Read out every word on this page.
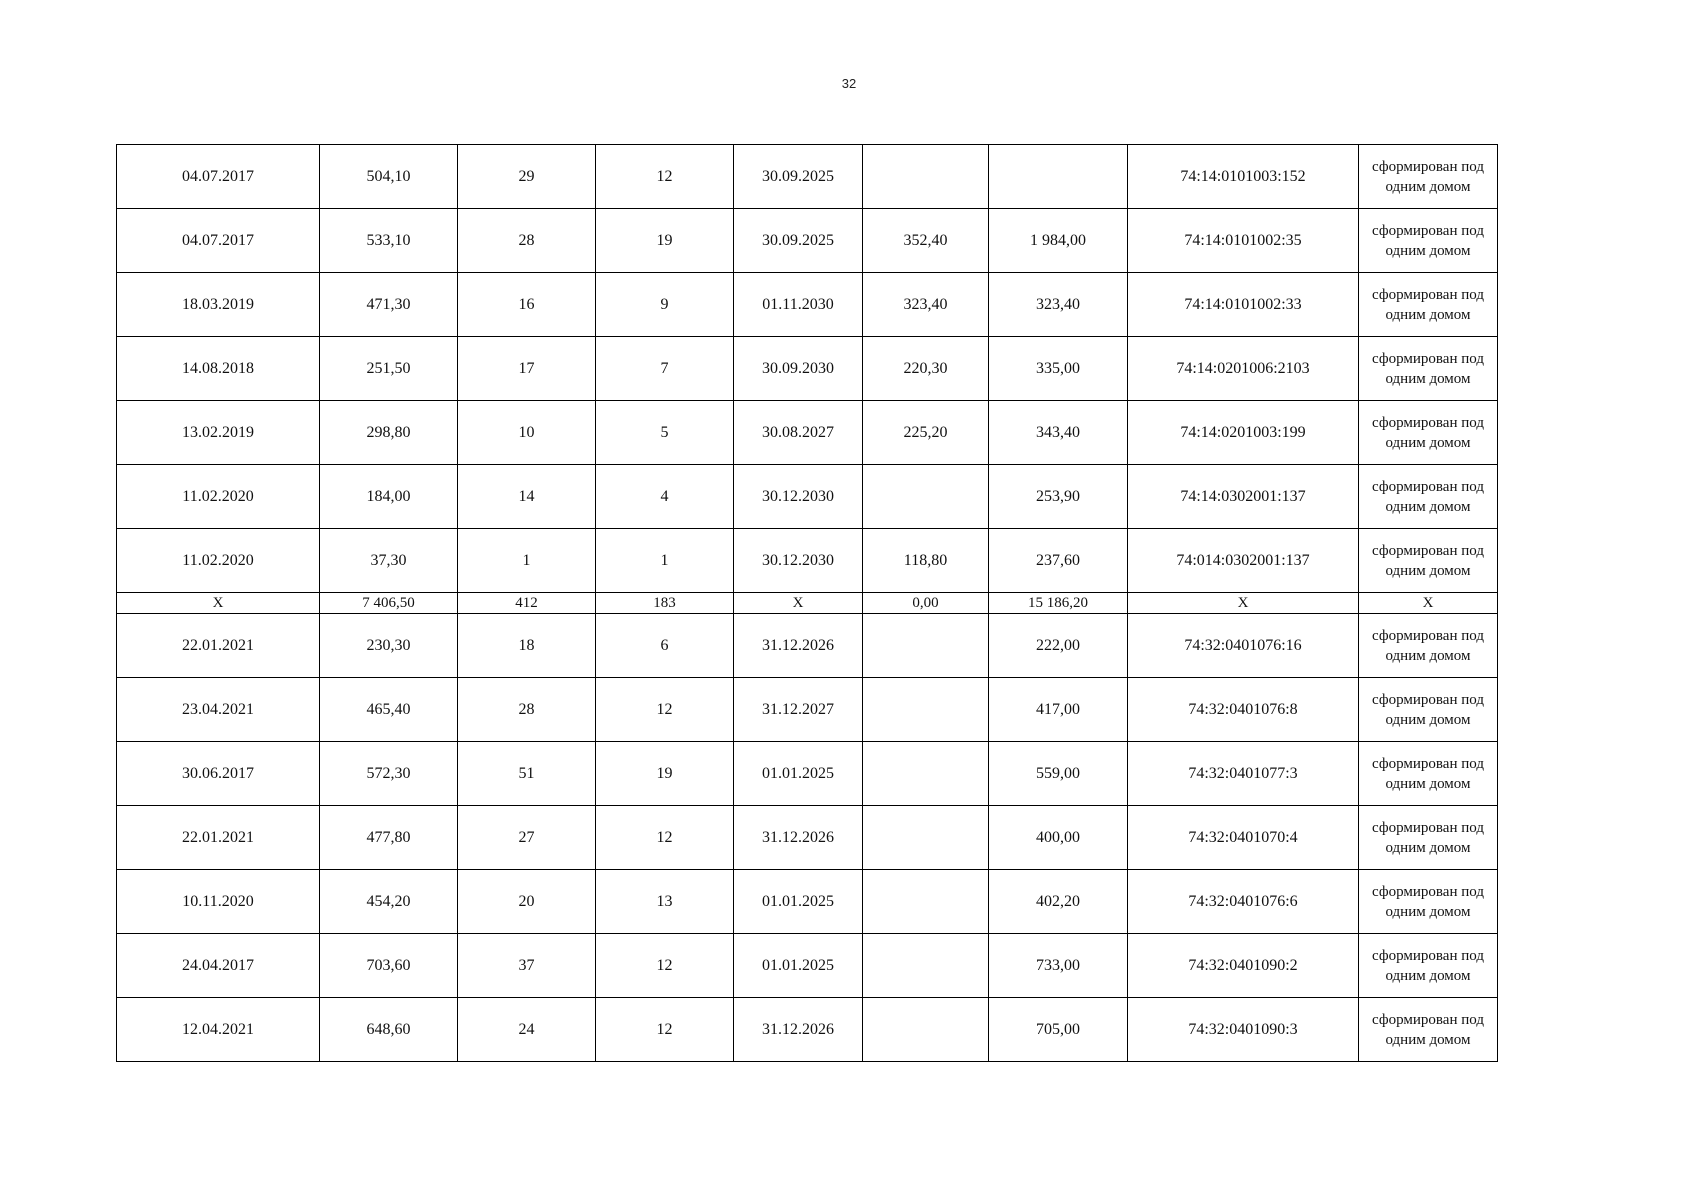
32
04.07.2017	504,10	29	12	30.09.2025			74:14:0101003:152	сформирован под одним домом
04.07.2017	533,10	28	19	30.09.2025	352,40	1 984,00	74:14:0101002:35	сформирован под одним домом
18.03.2019	471,30	16	9	01.11.2030	323,40	323,40	74:14:0101002:33	сформирован под одним домом
14.08.2018	251,50	17	7	30.09.2030	220,30	335,00	74:14:0201006:2103	сформирован под одним домом
13.02.2019	298,80	10	5	30.08.2027	225,20	343,40	74:14:0201003:199	сформирован под одним домом
11.02.2020	184,00	14	4	30.12.2030		253,90	74:14:0302001:137	сформирован под одним домом
11.02.2020	37,30	1	1	30.12.2030	118,80	237,60	74:014:0302001:137	сформирован под одним домом
X	7 406,50	412	183	X	0,00	15 186,20	X	X
22.01.2021	230,30	18	6	31.12.2026		222,00	74:32:0401076:16	сформирован под одним домом
23.04.2021	465,40	28	12	31.12.2027		417,00	74:32:0401076:8	сформирован под одним домом
30.06.2017	572,30	51	19	01.01.2025		559,00	74:32:0401077:3	сформирован под одним домом
22.01.2021	477,80	27	12	31.12.2026		400,00	74:32:0401070:4	сформирован под одним домом
10.11.2020	454,20	20	13	01.01.2025		402,20	74:32:0401076:6	сформирован под одним домом
24.04.2017	703,60	37	12	01.01.2025		733,00	74:32:0401090:2	сформирован под одним домом
12.04.2021	648,60	24	12	31.12.2026		705,00	74:32:0401090:3	сформирован под одним домом
